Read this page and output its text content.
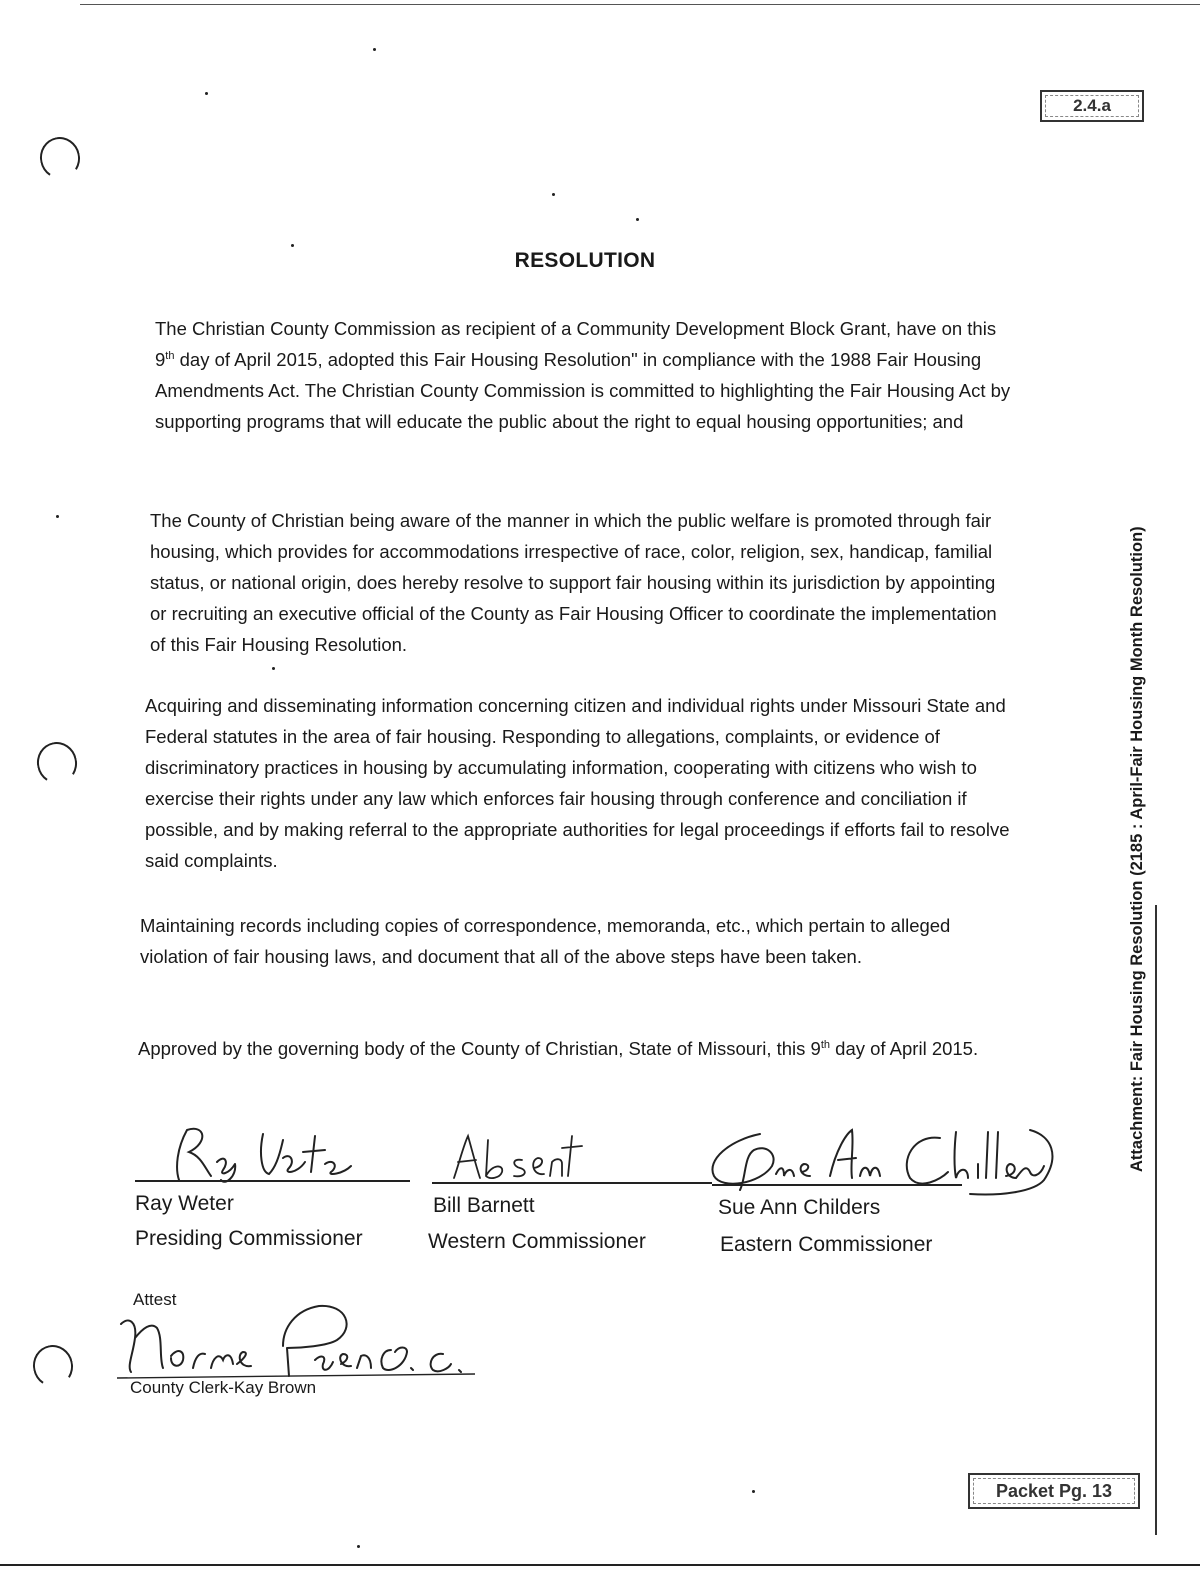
2.4.a
RESOLUTION

The Christian County Commission as recipient of a Community Development Block Grant, have on this 9th day of April 2015, adopted this Fair Housing Resolution" in compliance with the 1988 Fair Housing Amendments Act. The Christian County Commission is committed to highlighting the Fair Housing Act by supporting programs that will educate the public about the right to equal housing opportunities; and

The County of Christian being aware of the manner in which the public welfare is promoted through fair housing, which provides for accommodations irrespective of race, color, religion, sex, handicap, familial status, or national origin, does hereby resolve to support fair housing within its jurisdiction by appointing or recruiting an executive official of the County as Fair Housing Officer to coordinate the implementation of this Fair Housing Resolution.

Acquiring and disseminating information concerning citizen and individual rights under Missouri State and Federal statutes in the area of fair housing. Responding to allegations, complaints, or evidence of discriminatory practices in housing by accumulating information, cooperating with citizens who wish to exercise their rights under any law which enforces fair housing through conference and conciliation if possible, and by making referral to the appropriate authorities for legal proceedings if efforts fail to resolve said complaints.

Maintaining records including copies of correspondence, memoranda, etc., which pertain to alleged violation of fair housing laws, and document that all of the above steps have been taken.

Approved by the governing body of the County of Christian, State of Missouri, this 9th day of April 2015.

Ray Weter
Presiding Commissioner
Bill Barnett
Western Commissioner
Sue Ann Childers
Eastern Commissioner
Attest
County Clerk-Kay Brown
Attachment: Fair Housing Resolution (2185 : April-Fair Housing Month Resolution)
Packet Pg. 13
